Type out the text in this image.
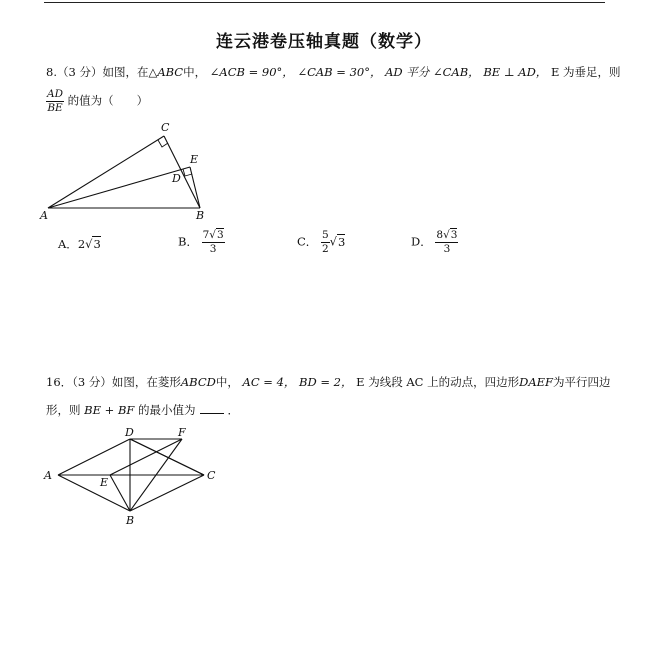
连云港卷压轴真题（数学）
8.（3 分）如图，在△ABC中， ∠ACB = 90°， ∠CAB = 30°， AD 平分 ∠CAB， BE ⊥ AD， E 为垂足，则
$\frac{AD}{BE}$ 的值为（　　）
A	B
C
D
E
A．2√3	B． $\frac{7√3}{3}$	C． $\frac{5}{2} √3$	D． $\frac{8√3}{3}$
16．（3 分）如图，在菱形ABCD中， AC = 4， BD = 2， E 为线段 AC 上的动点，四边形DAEF为平行四边
形，则 BE + BF 的最小值为	．
A
B
C
D
E
F
